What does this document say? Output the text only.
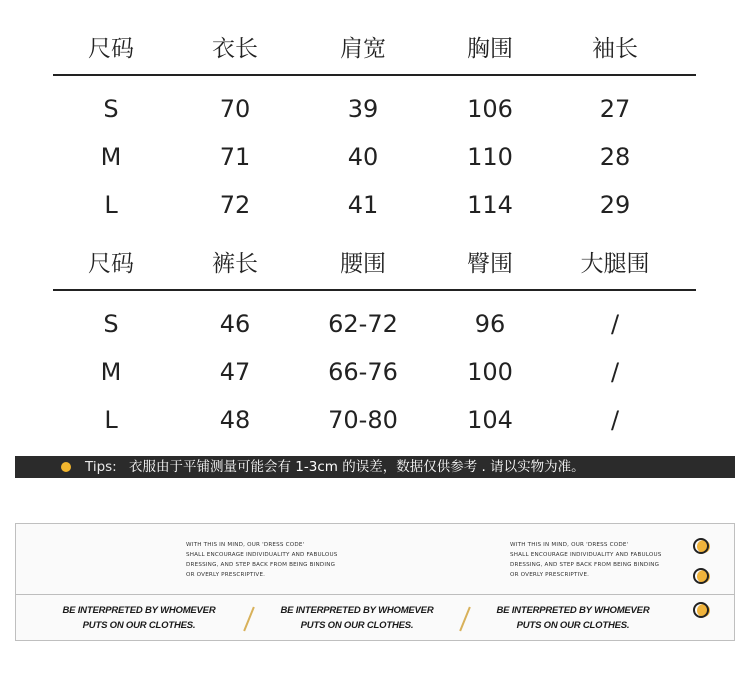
尺码	衣长	肩宽	胸围	袖长
S	70	39	106	27
M	71	40	110	28
L	72	41	114	29
尺码	裤长	腰围	臀围	大腿围
S	46	62-72	96	/
M	47	66-76	100	/
L	48	70-80	104	/
Tips: 衣服由于平铺测量可能会有 1-3cm 的误差，数据仅供参考 . 请以实物为准。
WITH THIS IN MIND, OUR 'DRESS CODE'
SHALL ENCOURAGE INDIVIDUALITY AND FABULOUS
DRESSING, AND STEP BACK FROM BEING BINDING
OR OVERLY PRESCRIPTIVE.
WITH THIS IN MIND, OUR 'DRESS CODE'
SHALL ENCOURAGE INDIVIDUALITY AND FABULOUS
DRESSING, AND STEP BACK FROM BEING BINDING
OR OVERLY PRESCRIPTIVE.
BE INTERPRETED BY WHOMEVER
PUTS ON OUR CLOTHES.
BE INTERPRETED BY WHOMEVER
PUTS ON OUR CLOTHES.
BE INTERPRETED BY WHOMEVER
PUTS ON OUR CLOTHES.
